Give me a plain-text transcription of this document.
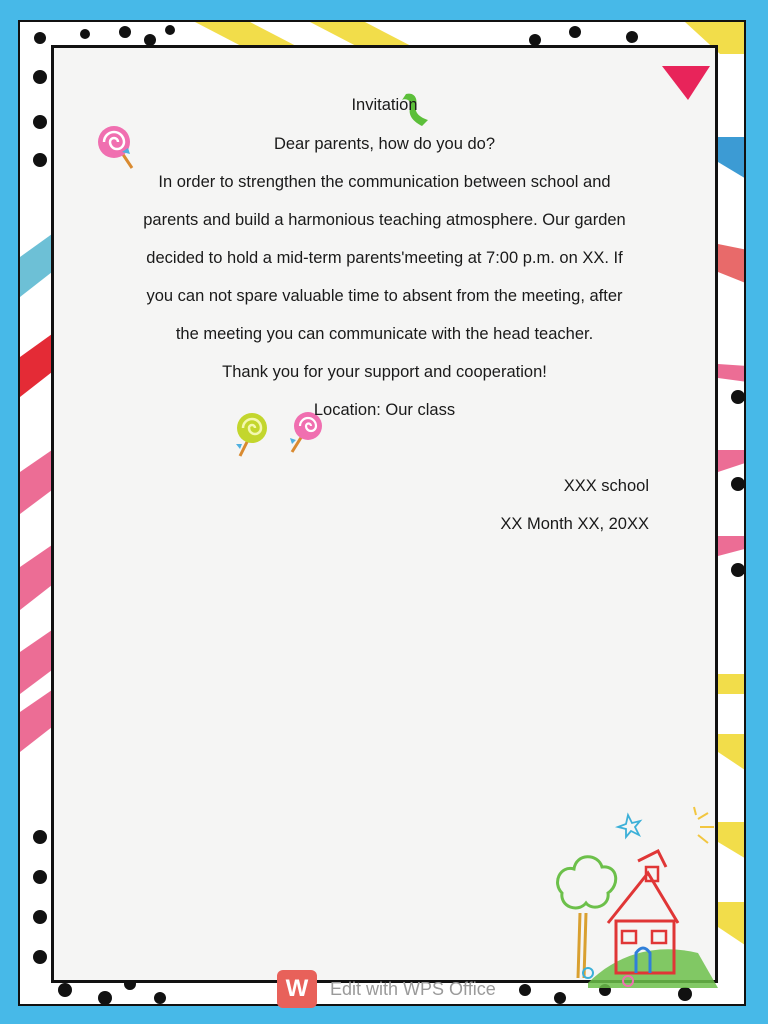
Invitation
Dear parents, how do you do?
In order to strengthen the communication between school and
parents and build a harmonious teaching atmosphere. Our garden
decided to hold a mid-term parents'meeting at 7:00 p.m. on XX. If
you can not spare valuable time to absent from the meeting, after
the meeting you can communicate with the head teacher.
Thank you for your support and cooperation!
Location: Our class
XXX school
XX Month XX, 20XX
W	Edit with WPS Office
